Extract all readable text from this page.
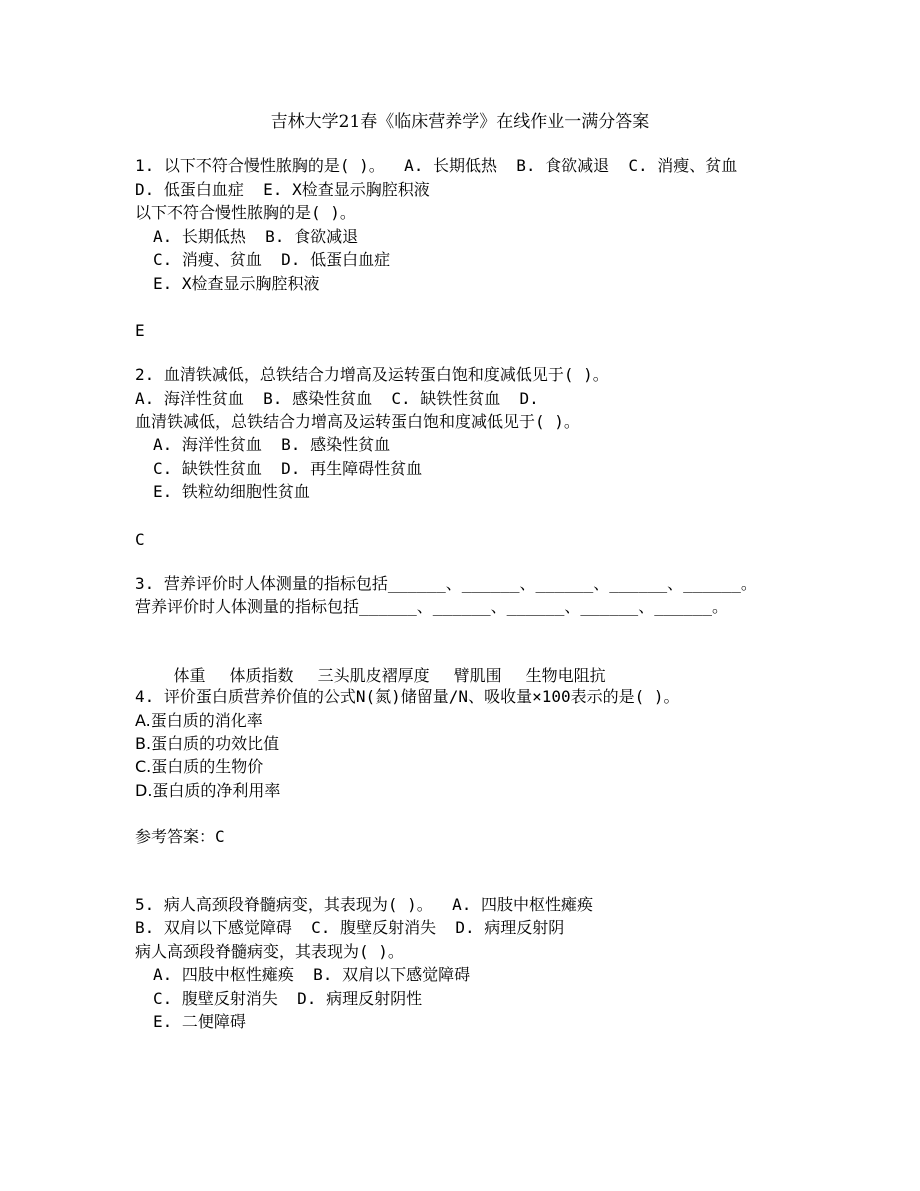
吉林大学21春《临床营养学》在线作业一满分答案
1. 以下不符合慢性脓胸的是( )。  A. 长期低热  B. 食欲减退  C. 消瘦、贫血
D. 低蛋白血症  E. X检查显示胸腔积液
以下不符合慢性脓胸的是( )。
A. 长期低热  B. 食欲减退
C. 消瘦、贫血  D. 低蛋白血症
E. X检查显示胸腔积液
E
2. 血清铁减低，总铁结合力增高及运转蛋白饱和度减低见于( )。
A. 海洋性贫血  B. 感染性贫血  C. 缺铁性贫血  D.
血清铁减低，总铁结合力增高及运转蛋白饱和度减低见于( )。
A. 海洋性贫血  B. 感染性贫血
C. 缺铁性贫血  D. 再生障碍性贫血
E. 铁粒幼细胞性贫血
C
3. 营养评价时人体测量的指标包括______、______、______、______、______。
营养评价时人体测量的指标包括______、______、______、______、______。

体重 体质指数 三头肌皮褶厚度 臂肌围 生物电阻抗

4. 评价蛋白质营养价值的公式N(氮)储留量/N、吸收量×100表示的是( )。
A.蛋白质的消化率
B.蛋白质的功效比值
C.蛋白质的生物价
D.蛋白质的净利用率
参考答案：C
5. 病人高颈段脊髓病变，其表现为( )。  A. 四肢中枢性瘫痪
B. 双肩以下感觉障碍  C. 腹壁反射消失  D. 病理反射阴
病人高颈段脊髓病变，其表现为( )。
A. 四肢中枢性瘫痪  B. 双肩以下感觉障碍
C. 腹壁反射消失  D. 病理反射阴性
E. 二便障碍
